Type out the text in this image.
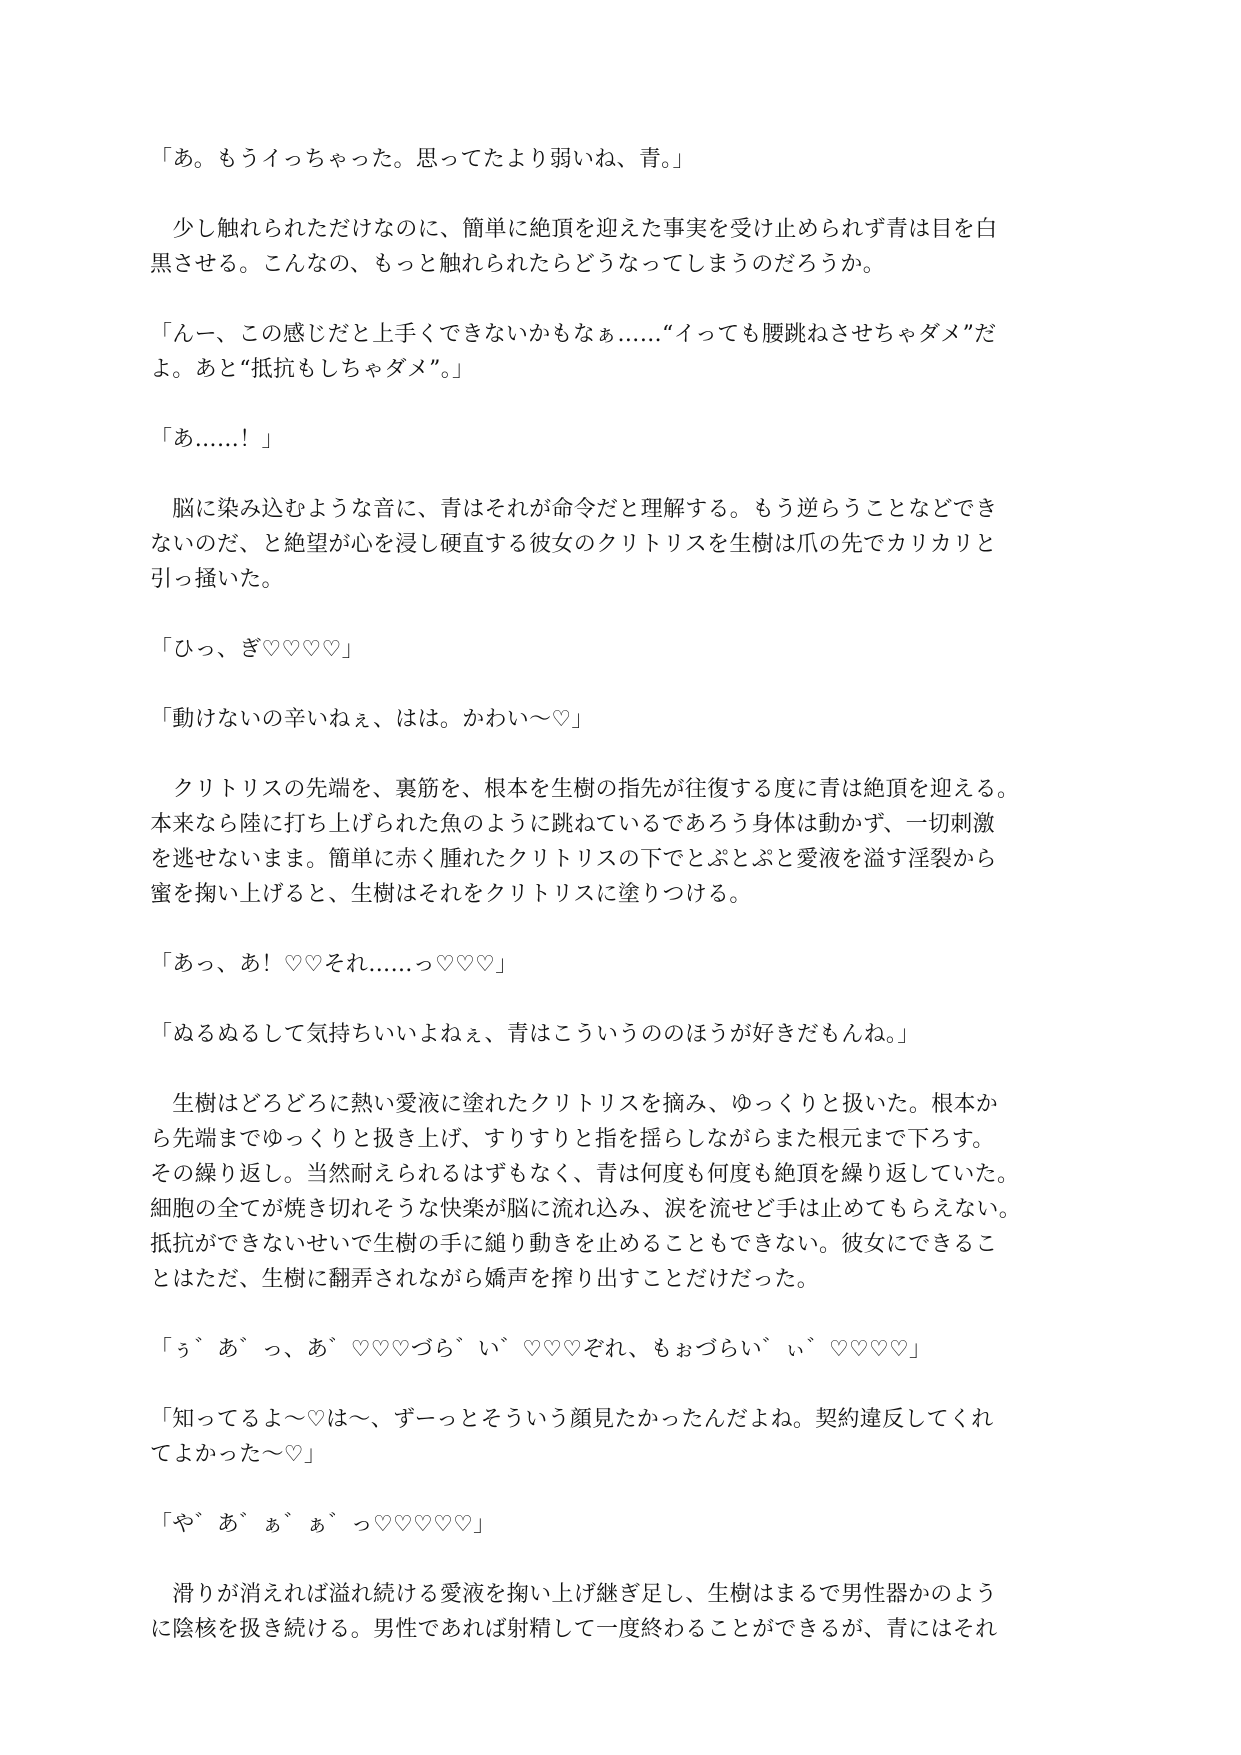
「あ。もうイっちゃった。思ってたより弱いね、青。」
　少し触れられただけなのに、簡単に絶頂を迎えた事実を受け止められず青は目を白
黒させる。こんなの、もっと触れられたらどうなってしまうのだろうか。
「んー、この感じだと上手くできないかもなぁ……“イっても腰跳ねさせちゃダメ”だ
よ。あと“抵抗もしちゃダメ”。」
「あ……！」
　脳に染み込むような音に、青はそれが命令だと理解する。もう逆らうことなどでき
ないのだ、と絶望が心を浸し硬直する彼女のクリトリスを生樹は爪の先でカリカリと
引っ掻いた。
「ひっ、ぎ♡♡♡♡」
「動けないの辛いねぇ、はは。かわい〜♡」
　クリトリスの先端を、裏筋を、根本を生樹の指先が往復する度に青は絶頂を迎える。
本来なら陸に打ち上げられた魚のように跳ねているであろう身体は動かず、一切刺激
を逃せないまま。簡単に赤く腫れたクリトリスの下でとぷとぷと愛液を溢す淫裂から
蜜を掬い上げると、生樹はそれをクリトリスに塗りつける。
「あっ、あ！♡♡それ……っ♡♡♡」
「ぬるぬるして気持ちいいよねぇ、青はこういうののほうが好きだもんね。」
　生樹はどろどろに熱い愛液に塗れたクリトリスを摘み、ゆっくりと扱いた。根本か
ら先端までゆっくりと扱き上げ、すりすりと指を揺らしながらまた根元まで下ろす。
その繰り返し。当然耐えられるはずもなく、青は何度も何度も絶頂を繰り返していた。
細胞の全てが焼き切れそうな快楽が脳に流れ込み、涙を流せど手は止めてもらえない。
抵抗ができないせいで生樹の手に縋り動きを止めることもできない。彼女にできるこ
とはただ、生樹に翻弄されながら嬌声を搾り出すことだけだった。
「ぅ゛あ゛っ、あ゛♡♡♡づら゛い゛♡♡♡ぞれ、もぉづらい゛ぃ゛♡♡♡♡」
「知ってるよ〜♡は〜、ずーっとそういう顔見たかったんだよね。契約違反してくれ
てよかった〜♡」
「や゛あ゛ぁ゛ぁ゛っ♡♡♡♡♡」
　滑りが消えれば溢れ続ける愛液を掬い上げ継ぎ足し、生樹はまるで男性器かのよう
に陰核を扱き続ける。男性であれば射精して一度終わることができるが、青にはそれ
